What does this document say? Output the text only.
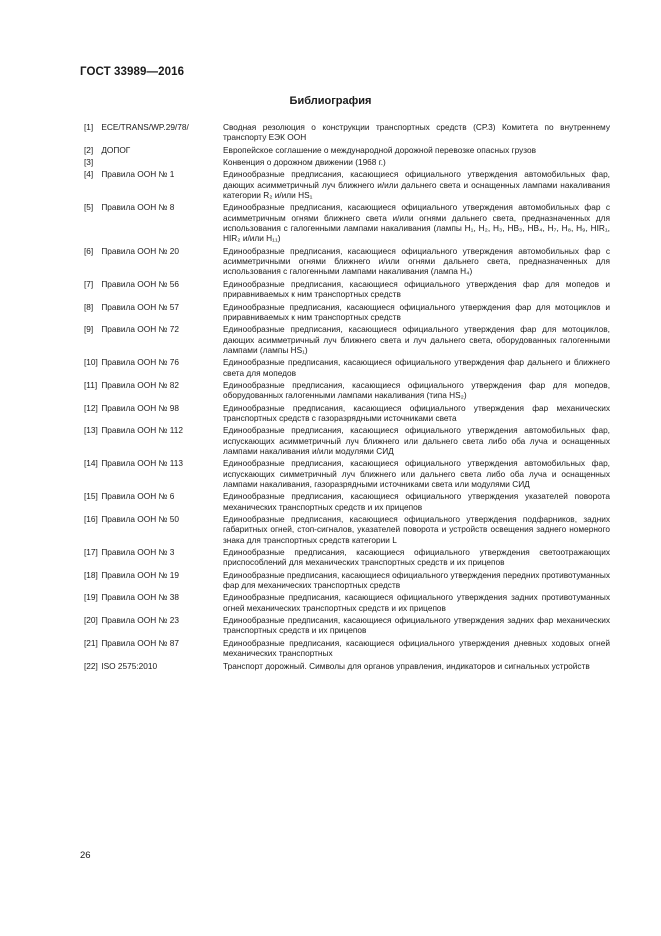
ГОСТ 33989—2016
Библиография
[1] ECE/TRANS/WP.29/78/	Сводная резолюция о конструкции транспортных средств (СР.3) Комитета по внутреннему транспорту ЕЭК ООН
[2] ДОПОГ	Европейское соглашение о международной дорожной перевозке опасных грузов
[3]	Конвенция о дорожном движении (1968 г.)
[4] Правила ООН № 1	Единообразные предписания, касающиеся официального утверждения автомобильных фар, дающих асимметричный луч ближнего и/или дальнего света и оснащенных лампами накаливания категории R₂ и/или HS₁
[5] Правила ООН № 8	Единообразные предписания, касающиеся официального утверждения автомобильных фар с асимметричным огнями ближнего света и/или огнями дальнего света, предназначенных для использования с галогенными лампами накаливания (лампы H₁, H₂, H₃, HB₃, HB₄, H₇, H₈, H₉, HIR₁, HIR₂ и/или H₁₁)
[6] Правила ООН № 20	Единообразные предписания, касающиеся официального утверждения автомобильных фар с асимметричными огнями ближнего и/или огнями дальнего света, предназначенных для использования с галогенными лампами накаливания (лампа H₄)
[7] Правила ООН № 56	Единообразные предписания, касающиеся официального утверждения фар для мопедов и приравниваемых к ним транспортных средств
[8] Правила ООН № 57	Единообразные предписания, касающиеся официального утверждения фар для мотоциклов и приравниваемых к ним транспортных средств
[9] Правила ООН № 72	Единообразные предписания, касающиеся официального утверждения фар для мотоциклов, дающих асимметричный луч ближнего света и луч дальнего света, оборудованных галогенными лампами (лампы HS₁)
[10] Правила ООН № 76	Единообразные предписания, касающиеся официального утверждения фар дальнего и ближнего света для мопедов
[11] Правила ООН № 82	Единообразные предписания, касающиеся официального утверждения фар для мопедов, оборудованных галогенными лампами накаливания (типа HS₂)
[12] Правила ООН № 98	Единообразные предписания, касающиеся официального утверждения фар механических транспортных средств с газоразрядными источниками света
[13] Правила ООН № 112	Единообразные предписания, касающиеся официального утверждения автомобильных фар, испускающих асимметричный луч ближнего или дальнего света либо оба луча и оснащенных лампами накаливания и/или модулями СИД
[14] Правила ООН № 113	Единообразные предписания, касающиеся официального утверждения автомобильных фар, испускающих симметричный луч ближнего или дальнего света либо оба луча и оснащенных лампами накаливания, газоразрядными источниками света или модулями СИД
[15] Правила ООН № 6	Единообразные предписания, касающиеся официального утверждения указателей поворота механических транспортных средств и их прицепов
[16] Правила ООН № 50	Единообразные предписания, касающиеся официального утверждения подфарников, задних габаритных огней, стоп-сигналов, указателей поворота и устройств освещения заднего номерного знака для транспортных средств категории L
[17] Правила ООН № 3	Единообразные предписания, касающиеся официального утверждения светоотражающих приспособлений для механических транспортных средств и их прицепов
[18] Правила ООН № 19	Единообразные предписания, касающиеся официального утверждения передних противотуманных фар для механических транспортных средств
[19] Правила ООН № 38	Единообразные предписания, касающиеся официального утверждения задних противотуманных огней механических транспортных средств и их прицепов
[20] Правила ООН № 23	Единообразные предписания, касающиеся официального утверждения задних фар механических транспортных средств и их прицепов
[21] Правила ООН № 87	Единообразные предписания, касающиеся официального утверждения дневных ходовых огней механических транспортных
[22] ISO 2575:2010	Транспорт дорожный. Символы для органов управления, индикаторов и сигнальных устройств
26
